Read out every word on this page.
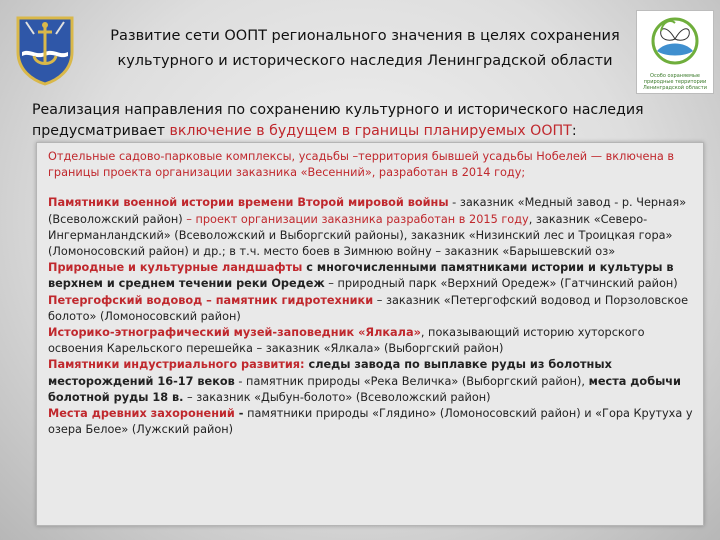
Особо охраняемые природные территории Ленинградской области
Развитие сети ООПТ регионального значения в целях сохранения
культурного и исторического наследия Ленинградской области
Реализация направления по сохранению культурного и исторического наследия предусматривает включение в будущем в границы планируемых ООПТ:
Отдельные садово-парковые комплексы, усадьбы –территория бывшей усадьбы Нобелей — включена в границы проекта организации заказника «Весенний», разработан в 2014 году;
Памятники военной истории времени Второй мировой войны - заказник «Медный завод - р. Черная» (Всеволожский район) – проект организации заказника разработан в 2015 году, заказник «Северо-Ингерманландский» (Всеволожский и Выборгский районы), заказник «Низинский лес и Троицкая гора» (Ломоносовский район) и др.; в т.ч. место боев в Зимнюю войну – заказник «Барышевский оз»
Природные и культурные ландшафты с многочисленными памятниками истории и культуры в верхнем и среднем течении реки Оредеж – природный парк «Верхний Оредеж» (Гатчинский район)
Петергофский водовод – памятник гидротехники – заказник «Петергофский водовод и Порзоловское болото» (Ломоносовский район)
Историко-этнографический музей-заповедник «Ялкала», показывающий историю хуторского освоения Карельского перешейка – заказник «Ялкала» (Выборгский район)
Памятники индустриального развития: следы завода по выплавке руды из болотных месторождений 16-17 веков - памятник природы «Река Величка» (Выборгский район), места добычи болотной руды 18 в. – заказник «Дыбун-болото» (Всеволожский район)
Места древних захоронений - памятники природы «Глядино» (Ломоносовский район) и «Гора Крутуха у озера Белое» (Лужский район)
